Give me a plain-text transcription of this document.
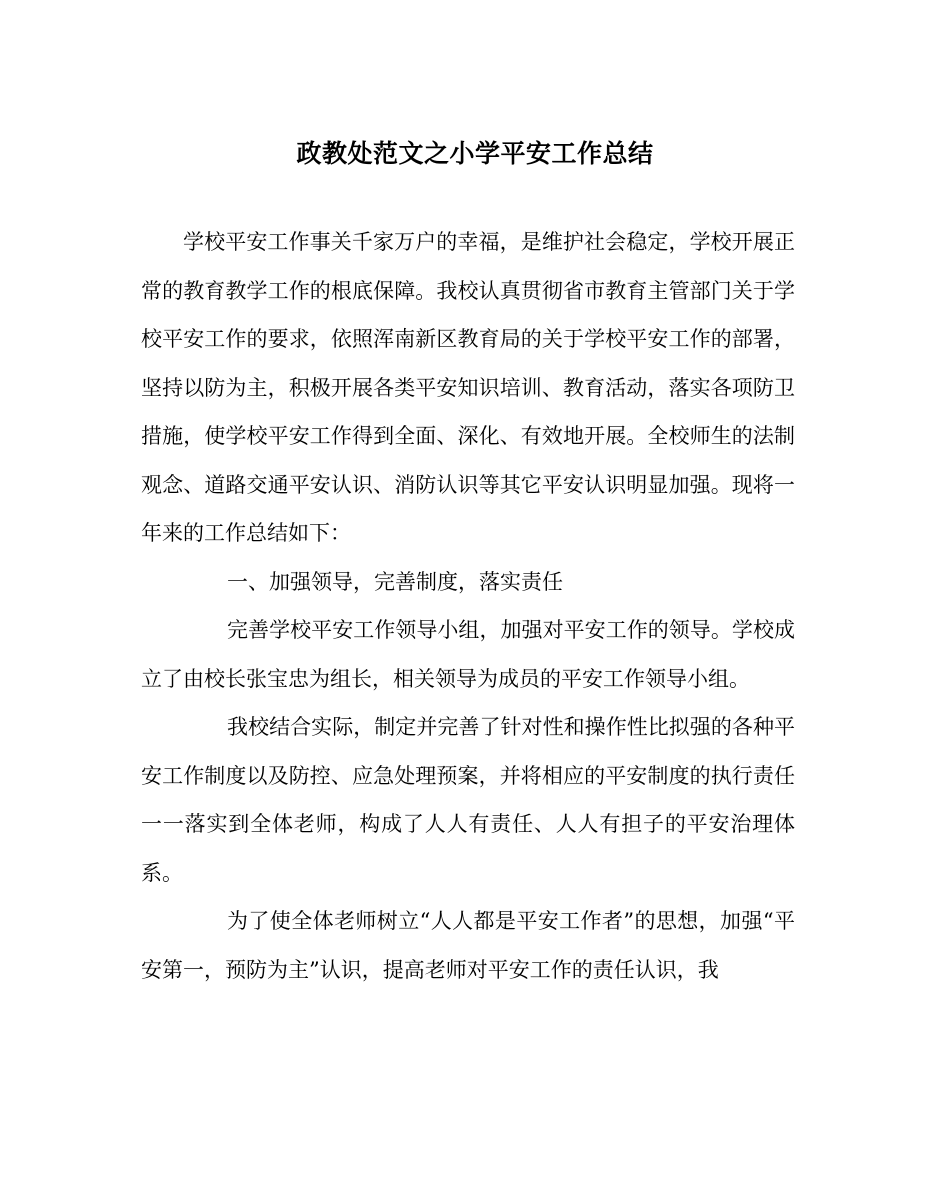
政教处范文之小学平安工作总结

学校平安工作事关千家万户的幸福，是维护社会稳定，学校开展正常的教育教学工作的根底保障。我校认真贯彻省市教育主管部门关于学校平安工作的要求，依照浑南新区教育局的关于学校平安工作的部署，坚持以防为主，积极开展各类平安知识培训、教育活动，落实各项防卫措施，使学校平安工作得到全面、深化、有效地开展。全校师生的法制观念、道路交通平安认识、消防认识等其它平安认识明显加强。现将一年来的工作总结如下：

一、加强领导，完善制度，落实责任

完善学校平安工作领导小组，加强对平安工作的领导。学校成立了由校长张宝忠为组长，相关领导为成员的平安工作领导小组。

我校结合实际，制定并完善了针对性和操作性比拟强的各种平安工作制度以及防控、应急处理预案，并将相应的平安制度的执行责任一一落实到全体老师，构成了人人有责任、人人有担子的平安治理体系。

为了使全体老师树立“人人都是平安工作者”的思想，加强“平安第一，预防为主”认识，提高老师对平安工作的责任认识，我
